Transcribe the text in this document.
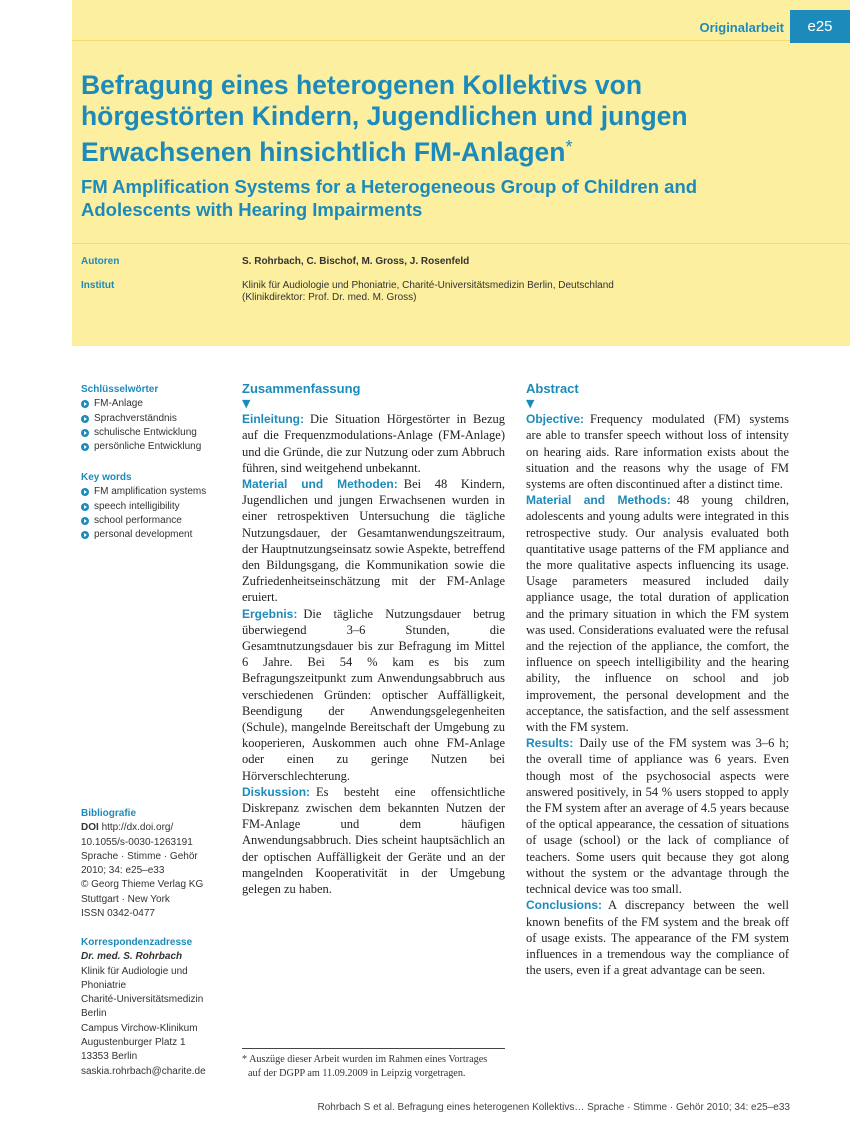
Originalarbeit	e25
Befragung eines heterogenen Kollektivs von
hörgestörten Kindern, Jugendlichen und jungen
Erwachsenen hinsichtlich FM-Anlagen*
FM Amplification Systems for a Heterogeneous Group of Children and
Adolescents with Hearing Impairments
Autoren	S. Rohrbach, C. Bischof, M. Gross, J. Rosenfeld
Institut	Klinik für Audiologie und Phoniatrie, Charité-Universitätsmedizin Berlin, Deutschland
(Klinikdirektor: Prof. Dr. med. M. Gross)
Schlüsselwörter
FM-Anlage
Sprachverständnis
schulische Entwicklung
persönliche Entwicklung
Key words
FM amplification systems
speech intelligibility
school performance
personal development
Bibliografie
DOI http://dx.doi.org/
10.1055/s-0030-1263191
Sprache · Stimme · Gehör
2010; 34: e25–e33
© Georg Thieme Verlag KG
Stuttgart · New York
ISSN 0342-0477
Korrespondenzadresse
Dr. med. S. Rohrbach
Klinik für Audiologie und
Phoniatrie
Charité-Universitätsmedizin
Berlin
Campus Virchow-Klinikum
Augustenburger Platz 1
13353 Berlin
saskia.rohrbach@charite.de
Zusammenfassung
▼

Einleitung: Die Situation Hörgestörter in Bezug auf die Frequenzmodulations-Anlage (FM-Anlage) und die Gründe, die zur Nutzung oder zum Abbruch führen, sind weitgehend unbekannt.

Material und Methoden: Bei 48 Kindern, Jugendlichen und jungen Erwachsenen wurden in einer retrospektiven Untersuchung die tägliche Nutzungsdauer, der Gesamtanwendungszeitraum, der Hauptnutzungseinsatz sowie Aspekte, betreffend den Bildungsgang, die Kommunikation sowie die Zufriedenheitseinschätzung mit der FM-Anlage eruiert.

Ergebnis: Die tägliche Nutzungsdauer betrug überwiegend 3–6 Stunden, die Gesamtnutzungsdauer bis zur Befragung im Mittel 6 Jahre. Bei 54 % kam es bis zum Befragungszeitpunkt zum Anwendungsabbruch aus verschiedenen Gründen: optischer Auffälligkeit, Beendigung der Anwendungsgelegenheiten (Schule), mangelnde Bereitschaft der Umgebung zu kooperieren, Auskommen auch ohne FM-Anlage oder einen zu geringe Nutzen bei Hörverschlechterung.

Diskussion: Es besteht eine offensichtliche Diskrepanz zwischen dem bekannten Nutzen der FM-Anlage und dem häufigen Anwendungsabbruch. Dies scheint hauptsächlich an der optischen Auffälligkeit der Geräte und an der mangelnden Kooperativität in der Umgebung gelegen zu haben.

Abstract
▼

Objective: Frequency modulated (FM) systems are able to transfer speech without loss of intensity on hearing aids. Rare information exists about the situation and the reasons why the usage of FM systems are often discontinued after a distinct time.

Material and Methods: 48 young children, adolescents and young adults were integrated in this retrospective study. Our analysis evaluated both quantitative usage patterns of the FM appliance and the more qualitative aspects influencing its usage. Usage parameters measured included daily appliance usage, the total duration of application and the primary situation in which the FM system was used. Considerations evaluated were the refusal and the rejection of the appliance, the comfort, the influence on speech intelligibility and the hearing ability, the influence on school and job improvement, the personal development and the acceptance, the satisfaction, and the self assessment with the FM system.

Results: Daily use of the FM system was 3–6 h; the overall time of appliance was 6 years. Even though most of the psychosocial aspects were answered positively, in 54 % users stopped to apply the FM system after an average of 4.5 years because of the optical appearance, the cessation of situations of usage (school) or the lack of compliance of teachers. Some users quit because they got along without the system or the advantage through the technical device was too small.

Conclusions: A discrepancy between the well known benefits of the FM system and the break off of usage exists. The appearance of the FM system influences in a tremendous way the compliance of the users, even if a great advantage can be seen.

* Auszüge dieser Arbeit wurden im Rahmen eines Vortrages
auf der DGPP am 11.09.2009 in Leipzig vorgetragen.
Rohrbach S et al. Befragung eines heterogenen Kollektivs… Sprache · Stimme · Gehör 2010; 34: e25–e33
